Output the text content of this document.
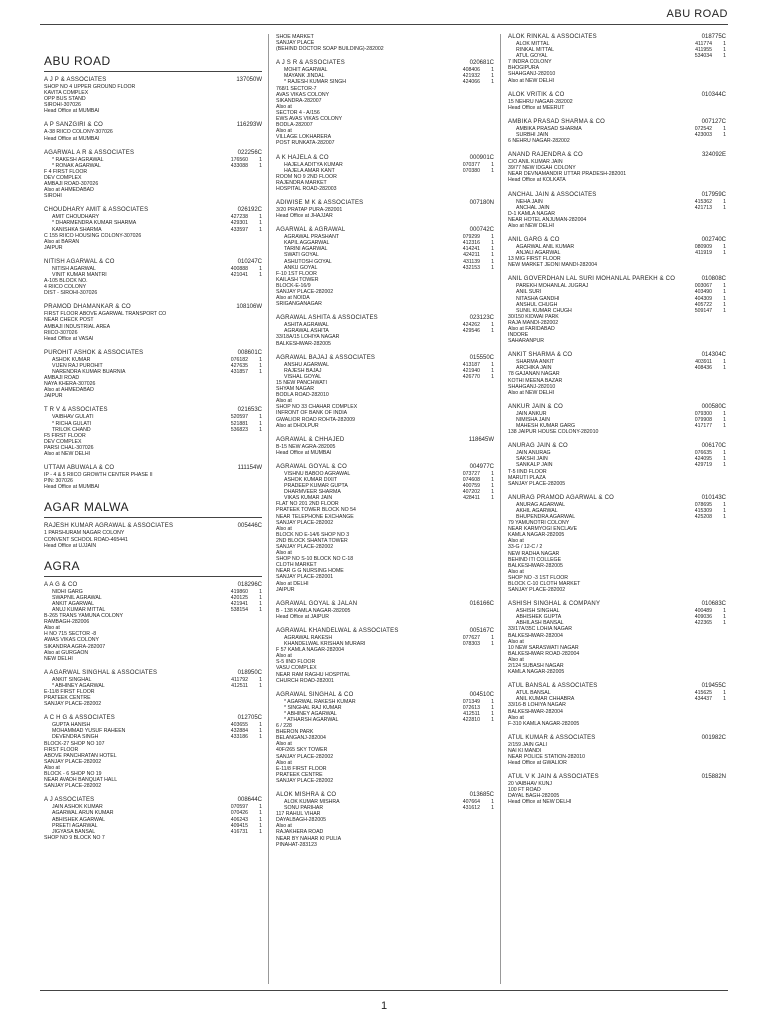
ABU ROAD
ABU ROAD
A J P & ASSOCIATES	137050W
SHOP NO 4 UPPER GROUND FLOOR
KAVITA COMPLEX
OPP BUS STAND
SIROHI-307026
Head Office at MUMBAI
A P SANZGIRI & CO	116293W
A-38 RIICO COLONY-307026
Head Office at MUMBAI
AGARWAL A R & ASSOCIATES	022256C
* RAKESH AGRAWAL	176560	1
* RONAK AGARWAL	433088	1
F 4 FIRST FLOOR
DEV COMPLEX
AMBAJI ROAD-307026
Also at AHMEDABAD
SIROHI
CHOUDHARY AMIT & ASSOCIATES	026192C
AMIT CHOUDHARY	427238	1
* DHARMENDRA KUMAR SHARMA	429301	1
KANISHKA SHARMA	433597	1
C 155 RIICO HOUSING COLONY-307026
Also at BARAN
JAIPUR
NITISH AGARWAL & CO	010247C
NITISH AGARWAL	400888	1
VINIT KUMAR MANTRI	421041	1
A-105 BLOCK NO.
4 RIICO COLONY
DIST - SIROHI-307026
PRAMOD DHAMANKAR & CO	108106W
FIRST FLOOR ABOVE AGARWAL TRANSPORT CO
NEAR CHECK POST
AMBAJI INDUSTRIAL AREA
RIICO-307026
Head Office at VASAI
PUROHIT ASHOK & ASSOCIATES	008601C
ASHOK KUMAR	076182	1
VIJEN RAJ PUROHIT	427635	1
NARENDRA KUMAR BUARNIA	431857	1
AMBAJI ROAD
NAYA KHERA-307026
Also at AHMEDABAD
JAIPUR
T R V & ASSOCIATES	021653C
VAIBHAV GULATI	520597	1
* RICHA GULATI	521881	1
TRILOK CHAND	536823	1
F5 FIRST FLOOR
DEV COMPLEX
PARSI CHAL-307026
Also at NEW DELHI
UTTAM ABUWALA & CO	111154W
IP - 4 & 5 RIICO GROWTH CENTER PHASE II
PIN: 307026
Head Office at MUMBAI
AGAR MALWA
RAJESH KUMAR AGRAWAL & ASSOCIATES	005446C
1 PARSHURAM NAGAR COLONY
CONVENT SCHOOL ROAD-465441
Head Office at UJJAIN
AGRA
A A G & CO	018296C
NIDHI GARG	419860	1
SWAPNIL AGRAWAL	420125	1
ANKIT AGARWAL	421941	1
ANUJ KUMAR MITTAL	538154	1
B-265 TRANS YAMUNA COLONY
RAMBAGH-282006
Also at
H NO 715 SECTOR -8
AWAS VIKAS COLONY
SIKANDRA AGRA-282007
Also at GURGAON
NEW DELHI
A AGARWAL SINGHAL & ASSOCIATES	018950C
ANKIT SINGHAL	411792	1
* ABHINEY AGARWAL	412511	1
E-11/8 FIRST FLOOR
PRATEEK CENTRE
SANJAY PLACE-282002
A C H G & ASSOCIATES	012705C
GUPTA HANISH	403655	1
MOHAMMAD YUSUF RAHEEN	432884	1
DEVENDRA SINGH	433186	1
BLOCK-27 SHOP NO 107
FIRST FLOOR
ABOVE PANCHRATAN HOTEL
SANJAY PLACE-282002
Also at
BLOCK - 6 SHOP NO 19
NEAR AVADH BANQUAT HALL
SANJAY PLACE-282002
A J ASSOCIATES	008644C
JAIN ASHOK KUMAR	070597	1
AGARWAL ARUN KUMAR	070426	1
ABHISHEK AGARWAL	406243	1
PREETI AGARWAL	409415	1
JIGYASA BANSAL	416731	1
SHOP NO 9 BLOCK NO 7
SHOE MARKET
SANJAY PLACE
(BEHIND DOCTOR SOAP BUILDING)-282002
A J S R & ASSOCIATES	020681C
MOHIT AGARWAL	408406	1
MAYANK JINDAL	421932	1
* RAJESH KUMAR SINGH	424066	1
768/1 SECTOR-7
AVAS VIKAS COLONY
SIKANDRA-282007
Also at
SECTOR 4 - A/156
EWS AVAS VIKAS COLONY
BODLA-282007
Also at
VILLAGE LOKHARERA
POST RUNKATA-282007
A K HAJELA & CO	000901C
HAJELA ADITYA KUMAR	070377	1
HAJELA AMAR KANT	070380	1
ROOM NO 9 2ND FLOOR
RAJENDRA MARKET
HOSPITAL ROAD-282003
ADIWISE M K & ASSOCIATES	007180N
3/20 PRATAP PURA-282001
Head Office at JHAJJAR
AGARWAL & AGRAWAL	000742C
AGRAWAL PRASHANT	079299	1
KAPIL AGGARWAL	412316	1
TARINI AGARWAL	414241	1
SWATI GOYAL	424211	1
ASHUTOSH GOYAL	431139	1
ANKU GOYAL	432153	1
F-10 1ST FLOOR
KAILASH TOWER
BLOCK-E-16/9
SANJAY PLACE-282002
Also at NOIDA
SRIGANGANAGAR
AGRAWAL ASHITA & ASSOCIATES	023123C
ASHITA AGRAWAL	424262	1
AGRAWAL ASHITA	429546	1
33/18A/15 LOHIYA NAGAR
BALKESHWAR-282005
AGRAWAL BAJAJ & ASSOCIATES	015550C
ANSHU AGARWAL	413187	1
RAJESH BAJAJ	421940	1
VISHAL GOYAL	426770	1
15 NEW PANCHWATI
SHYAM NAGAR
BODLA ROAD-282010
Also at
SHOP NO 33 CHAHAR COMPLEX
INFRONT OF BANK OF INDIA
GWALIOR ROAD ROHTA-282009
Also at DHOLPUR
AGRAWAL & CHHAJED	118645W
B-15 NEW AGRA-282005
Head Office at MUMBAI
AGRAWAL GOYAL & CO	004977C
VISHNU BABOO AGRAWAL	073727	1
ASHOK KUMAR DIXIT	074608	1
PRADEEP KUMAR GUPTA	400759	1
DHARMVEER SHARMA	407202	1
VIKAS KUMAR JAIN	428411	1
FLAT NO 201 2ND FLOOR
PRATEEK TOWER BLOCK NO 54
NEAR TELEPHONE EXCHANGE
SANJAY PLACE-282002
Also at
BLOCK NO E-14/6 SHOP NO 3
2ND BLOCK SHANTA TOWER
SANJAY PLACE-282002
Also at
SHOP NO S-10 BLOCK NO C-18
CLOTH MARKET
NEAR G G NURSING HOME
SANJAY PLACE-282001
Also at DELHI
JAIPUR
AGRAWAL GOYAL & JALAN	016166C
B - 138 KAMLA NAGAR-282005
Head Office at JAIPUR
AGRAWAL KHANDELWAL & ASSOCIATES	005167C
AGRAWAL RAKESH	077627	1
KHANDELWAL KRISHAN MURARI	078303	1
F 57 KAMLA NAGAR-282004
Also at
S-5 IIND FLOOR
VASU COMPLEX
NEAR RAM RAGHU HOSPITAL
CHURCH ROAD-282001
AGRAWAL SINGHAL & CO	004510C
* AGARWAL RAKESH KUMAR	071349	1
* SINGHAL RAJ KUMAR	072613	1
* ABHINEY AGARWAL	412511	1
* ATHARSH AGARWAL	422810	1
6 / 228
BHERON PARK
BELANGANJ-282004
Also at
40F/265 SKY TOWER
SANJAY PLACE-282002
Also at
E-11/8 FIRST FLOOR
PRATEEK CENTRE
SANJAY PLACE-282002
ALOK MISHRA & CO	013685C
ALOK KUMAR MISHRA	407664	1
SONU PARIHAR	431612	1
117 RAHUL VIHAR
DAYALBAGH-282005
Also at
RAJAKHERA ROAD
NEAR BY NAHAR KI PULIA
PINAHAT-283123
ALOK RINKAL & ASSOCIATES	018775C
ALOK MITTAL	411774	1
RINKAL MITTAL	411955	1
ATUL GOYAL	534034	1
7 INDRA COLONY
BHOGIPURA
SHAHGANJ-282010
Also at NEW DELHI
ALOK VRITIK & CO	010344C
15 NEHRU NAGAR-282002
Head Office at MEERUT
AMBIKA PRASAD SHARMA & CO	007127C
AMBIKA PRASAD SHARMA	072542	1
SURBHI JAIN	423003	1
6 NEHRU NAGAR-282002
ANAND RAJENDRA & CO	324092E
C/O ANIL KUMAR JAIN
39/77 NEW IDGAH COLONY
NEAR DEVNAMANDIR UTTAR PRADESH-282001
Head Office at KOLKATA
ANCHAL JAIN & ASSOCIATES	017959C
NEHA JAIN	415362	1
ANCHAL JAIN	421713	1
D-1 KAMLA NAGAR
NEAR HOTEL ANJUMAN-282004
Also at NEW DELHI
ANIL GARG & CO	002740C
AGARWAL ANIL KUMAR	080909	1
ANJALI AGARWAL	411919	1
13 MIG FIRST FLOOR
NEW MARKET JEONI MANDI-282004
ANIL GOVERDHAN LAL SURI MOHANLAL PAREKH & CO	010808C
PAREKH MOHANLAL JUGRAJ	003067	1
ANIL SURI	403490	1
NITASHA GANDHI	404309	1
ANSHUL CHUGH	405722	1
SUNIL KUMAR CHUGH	509147	1
30/150 KIDWAI PARK
RAJA MANDI-282002
Also at FARIDABAD
INDORE
SAHARANPUR
ANKIT SHARMA & CO	014304C
SHARMA ANKIT	403911	1
ARCHIKA JAIN	408436	1
78 GAJANAN NAGAR
KOTHI MEENA BAZAR
SHAHGANJ-282010
Also at NEW DELHI
ANKUR JAIN & CO	000580C
JAIN ANKUR	079300	1
NIMISHA JAIN	079908	1
MAHESH KUMAR GARG	417177	1
138 JAIPUR HOUSE COLONY-282010
ANURAG JAIN & CO	006170C
JAIN ANURAG	076635	1
SAKSHI JAIN	424095	1
SANKALP JAIN	429719	1
T-5 IIND FLOOR
MARUTI PLAZA
SANJAY PLACE-282005
ANURAG PRAMOD AGARWAL & CO	010143C
ANURAG AGARWAL	078695	1
AKHIL AGARWAL	415309	1
BHUPENDRA AGARWAL	425208	1
79 YAMUNOTRI COLONY
NEAR KARMYOGI ENCLAVE
KAMLA NAGAR-282005
Also at
33-G / 12-C / 2
NEW RADHA NAGAR
BEHIND ITI COLLEGE
BALKESHWAR-282005
Also at
SHOP NO -3 1ST FLOOR
BLOCK C-10 CLOTH MARKET
SANJAY PLACE-282002
ASHISH SINGHAL & COMPANY	010683C
ASHISH SINGHAL	400489	1
ABHISHEK GUPTA	409036	1
ABHILASH BANSAL	422365	1
33/17A/35C LOHIA NAGAR
BALKESHWAR-282004
Also at
10 NEW SARASWATI NAGAR
BALKESHWAR ROAD-282004
Also at
2/124 SUBASH NAGAR
KAMLA NAGAR-282005
ATUL BANSAL & ASSOCIATES	019455C
ATUL BANSAL	415625	1
ANIL KUMAR CHHABRA	434437	1
33/16-B LOHIYA NAGAR
BALKESHWAR-282004
Also at
F-310 KAMLA NAGAR-282005
ATUL KUMAR & ASSOCIATES	001982C
2/159 JAIN GALI
NAI KI MANDI
NEAR POLICE STATION-282010
Head Office at GWALIOR
ATUL V K JAIN & ASSOCIATES	015882N
20 VAIBHAV KUNJ
100 FT ROAD
DAYAL BAGH-282005
Head Office at NEW DELHI
1
